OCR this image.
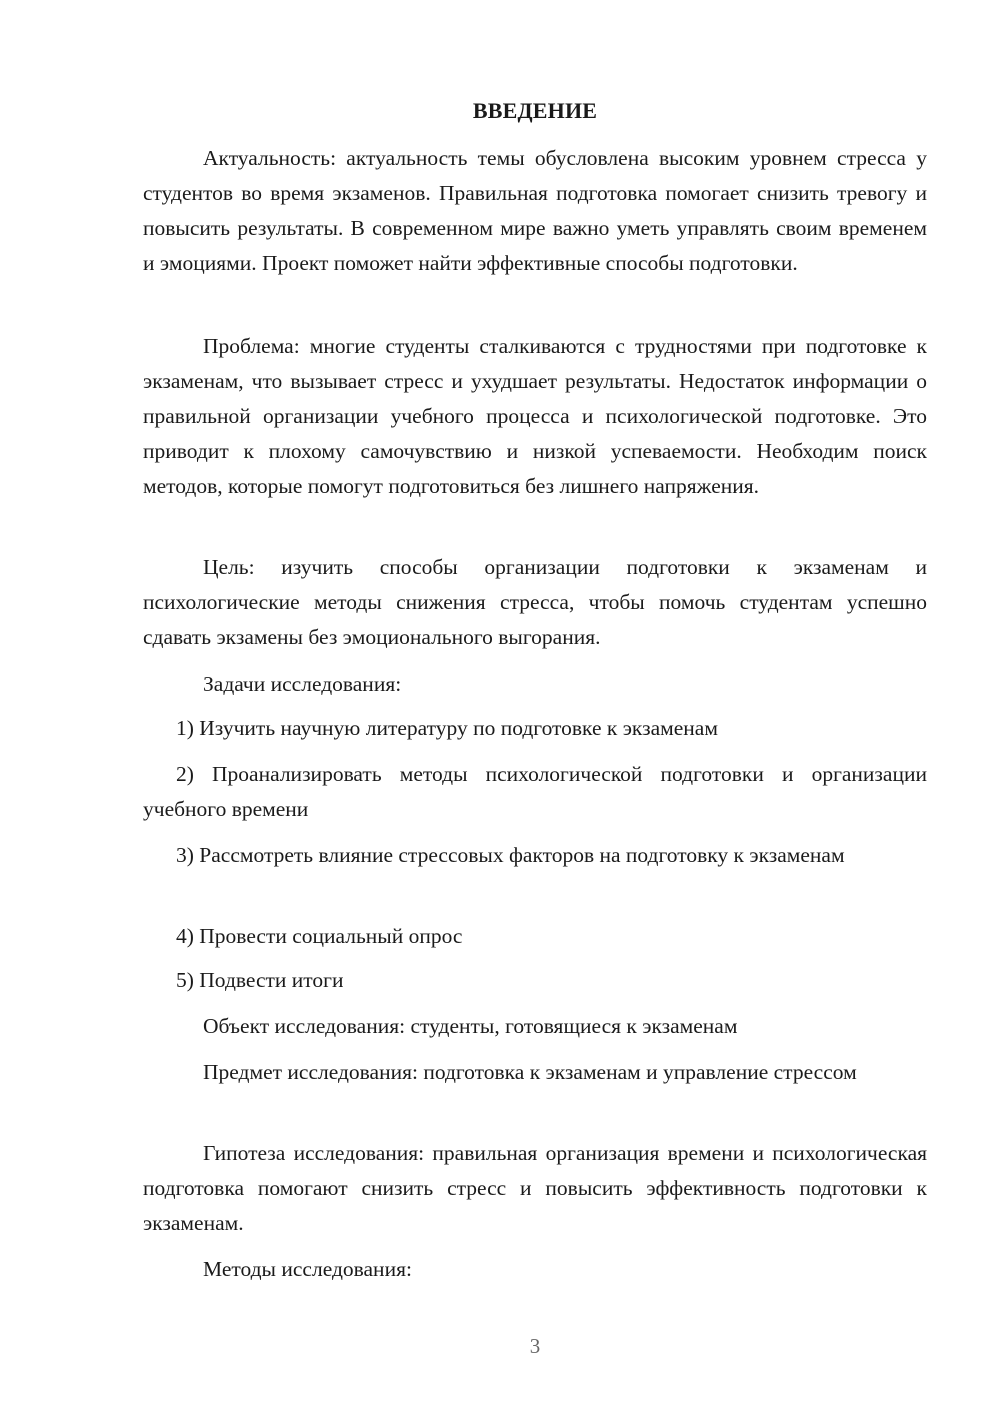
ВВЕДЕНИЕ

Актуальность: актуальность темы обусловлена высоким уровнем стресса у студентов во время экзаменов. Правильная подготовка помогает снизить тревогу и повысить результаты. В современном мире важно уметь управлять своим временем и эмоциями. Проект поможет найти эффективные способы подготовки.

Проблема: многие студенты сталкиваются с трудностями при подготовке к экзаменам, что вызывает стресс и ухудшает результаты. Недостаток информации о правильной организации учебного процесса и психологической подготовке. Это приводит к плохому самочувствию и низкой успеваемости. Необходим поиск методов, которые помогут подготовиться без лишнего напряжения.

Цель: изучить способы организации подготовки к экзаменам и психологические методы снижения стресса, чтобы помочь студентам успешно сдавать экзамены без эмоционального выгорания.

Задачи исследования:

1) Изучить научную литературу по подготовке к экзаменам

2) Проанализировать методы психологической подготовки и организации учебного времени

3) Рассмотреть влияние стрессовых факторов на подготовку к экзаменам

4) Провести социальный опрос

5) Подвести итоги

Объект исследования: студенты, готовящиеся к экзаменам

Предмет исследования: подготовка к экзаменам и управление стрессом

Гипотеза исследования: правильная организация времени и психологическая подготовка помогают снизить стресс и повысить эффективность подготовки к экзаменам.

Методы исследования:

3
